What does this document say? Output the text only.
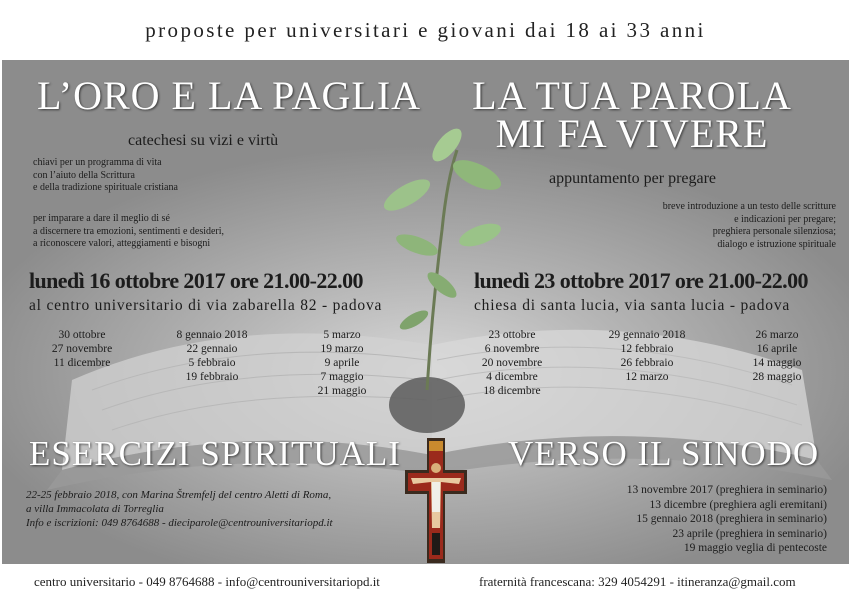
proposte per universitari e giovani dai 18 ai 33 anni
L’ORO E LA PAGLIA
catechesi su vizi e virtù
chiavi per un programma di vita
con l’aiuto della Scrittura
e della tradizione spirituale cristiana
per imparare a dare il meglio di sé
a discernere tra emozioni, sentimenti e desideri,
a riconoscere valori, atteggiamenti e bisogni
lunedì 16 ottobre 2017 ore 21.00-22.00
al centro universitario di via zabarella 82 - padova
30 ottobre
27 novembre
11 dicembre
8 gennaio 2018
22 gennaio
5 febbraio
19 febbraio
5 marzo
19 marzo
9 aprile
7 maggio
21 maggio
LA TUA PAROLA
MI FA VIVERE
appuntamento per pregare
breve introduzione a un testo delle scritture
e indicazioni per pregare;
preghiera personale silenziosa;
dialogo e istruzione spirituale
lunedì 23 ottobre 2017 ore 21.00-22.00
chiesa di santa lucia, via santa lucia - padova
23 ottobre
6 novembre
20 novembre
4 dicembre
18 dicembre
29 gennaio 2018
12 febbraio
26 febbraio
12 marzo
26 marzo
16 aprile
14 maggio
28 maggio
ESERCIZI SPIRITUALI
22-25 febbraio 2018, con Marina Štremfelj del centro Aletti di Roma,
a villa Immacolata di Torreglia
Info e iscrizioni: 049 8764688 - dieciparole@centrouniversitariopd.it
VERSO IL SINODO
13 novembre 2017 (preghiera in seminario)
13 dicembre (preghiera agli eremitani)
15 gennaio 2018 (preghiera in seminario)
23 aprile (preghiera in seminario)
19 maggio veglia di pentecoste
centro universitario - 049 8764688 - info@centrouniversitariopd.it	fraternità francescana: 329 4054291 - itineranza@gmail.com
